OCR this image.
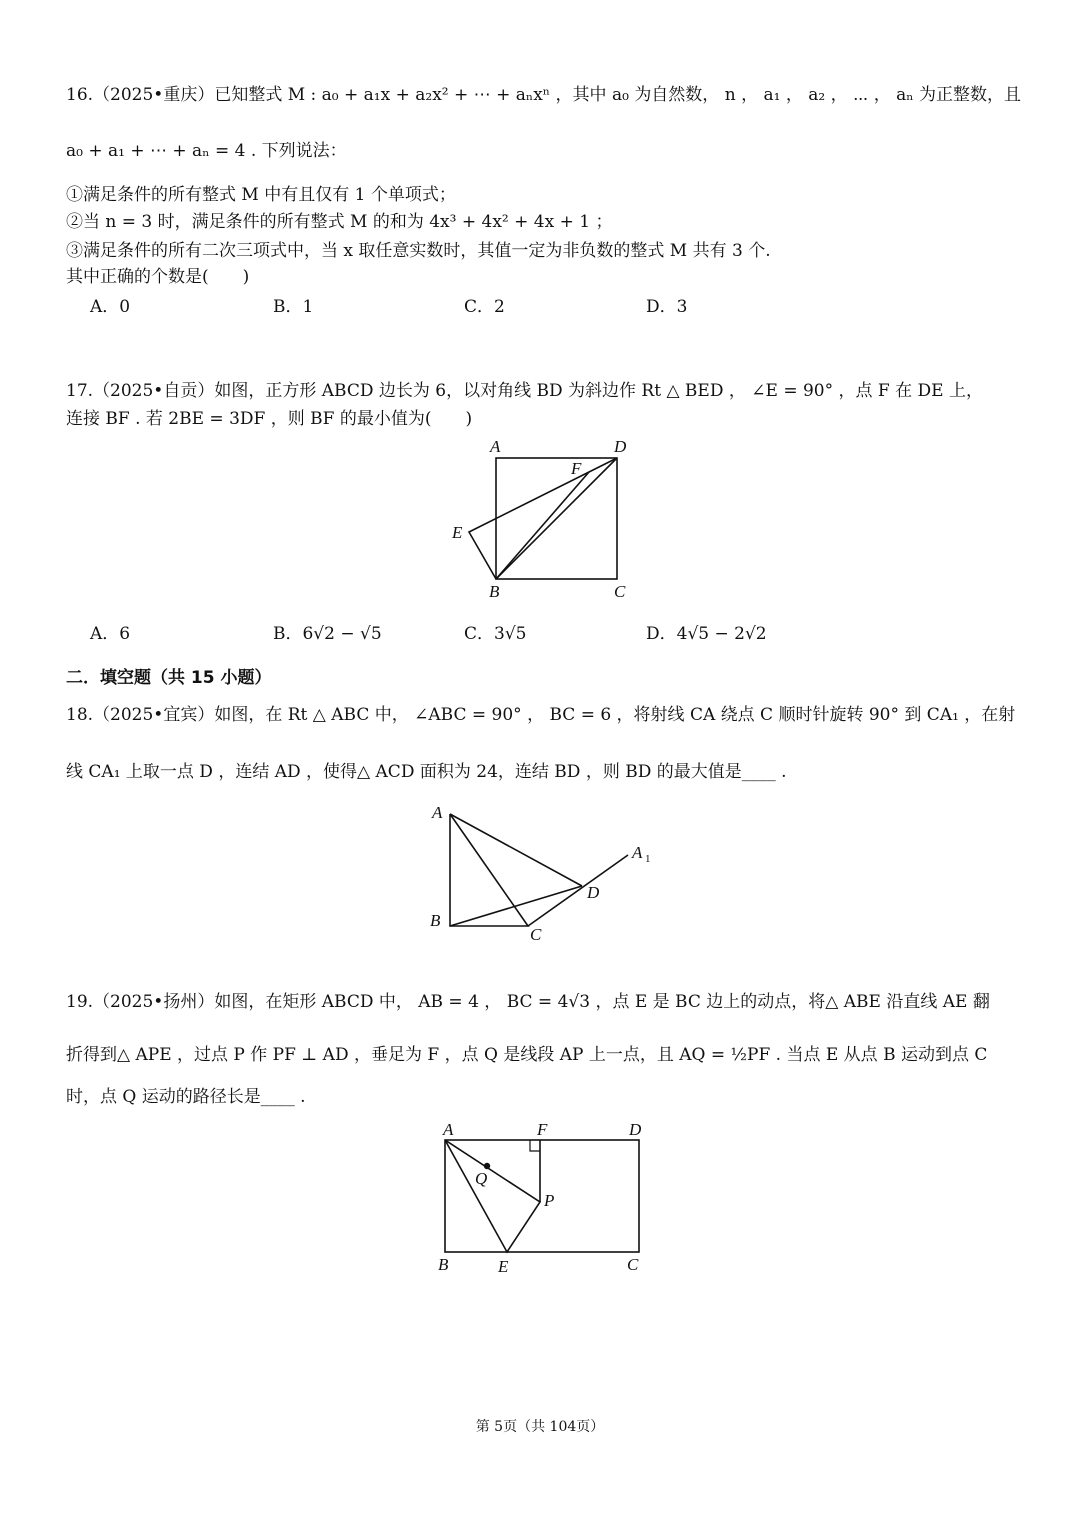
16.（2025•重庆）已知整式 M : a₀ + a₁x + a₂x² + ⋯ + aₙxⁿ ，其中 a₀ 为自然数， n ， a₁ ， a₂ ， ⋯ ， aₙ 为正整数，且
a₀ + a₁ + ⋯ + aₙ = 4 . 下列说法：
①满足条件的所有整式 M 中有且仅有 1 个单项式；
②当 n = 3 时，满足条件的所有整式 M 的和为 4x³ + 4x² + 4x + 1 ；
③满足条件的所有二次三项式中，当 x 取任意实数时，其值一定为非负数的整式 M 共有 3 个.
其中正确的个数是(　　)
A．0	B．1	C．2	D．3
17.（2025•自贡）如图，正方形 ABCD 边长为 6，以对角线 BD 为斜边作 Rt △ BED ， ∠E = 90° ，点 F 在 DE 上，
连接 BF . 若 2BE = 3DF ，则 BF 的最小值为(　　)
A	D
F
E
B	C
A．6	B．6√2 − √5	C．3√5	D．4√5 − 2√2
二．填空题（共 15 小题）
18.（2025•宜宾）如图，在 Rt △ ABC 中， ∠ABC = 90° ， BC = 6 ，将射线 CA 绕点 C 顺时针旋转 90° 到 CA₁ ，在射
线 CA₁ 上取一点 D ，连结 AD ，使得△ ACD 面积为 24，连结 BD ，则 BD 的最大值是____ .
A
B
C
D
A 1
19.（2025•扬州）如图，在矩形 ABCD 中， AB = 4 ， BC = 4√3 ，点 E 是 BC 边上的动点，将△ ABE 沿直线 AE 翻
折得到△ APE ，过点 P 作 PF ⊥ AD ，垂足为 F ，点 Q 是线段 AP 上一点，且 AQ = ½PF . 当点 E 从点 B 运动到点 C
时，点 Q 运动的路径长是____ .
A	F	D
Q
P
B	E	C
第 5页（共 104页）
